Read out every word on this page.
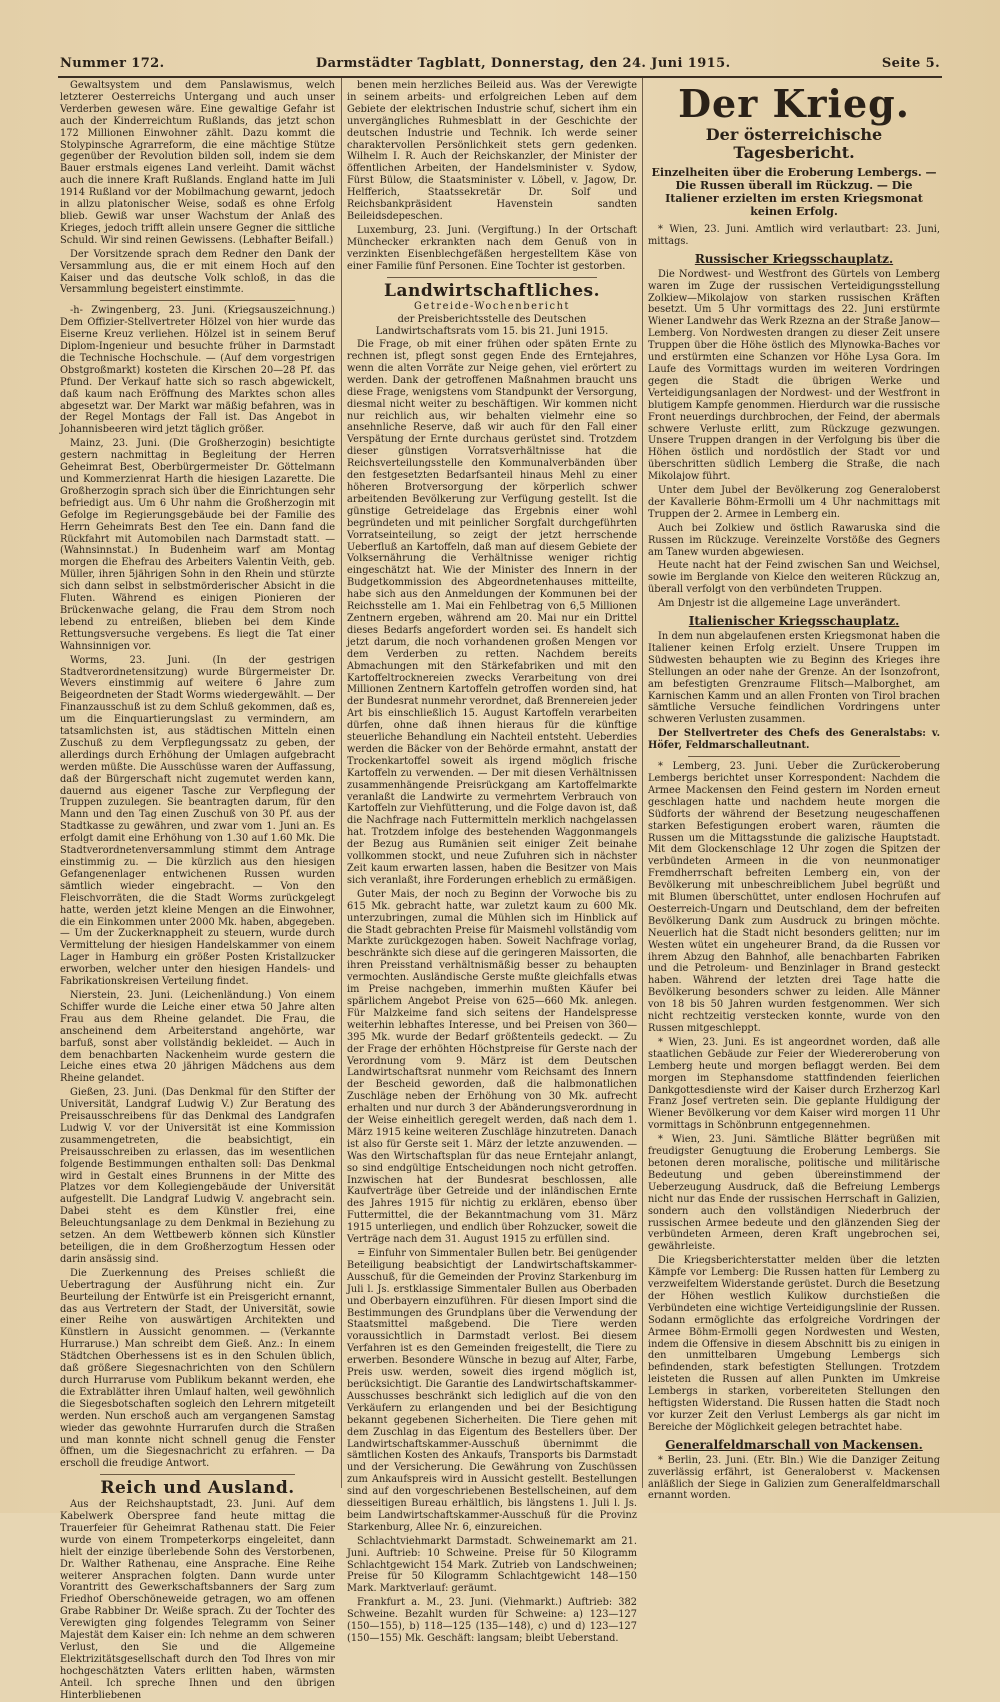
Nummer 172.	Darmstädter Tagblatt, Donnerstag, den 24. Juni 1915.	Seite 5.

Gewaltsystem und dem Panslawismus, welch letzterer Oesterreichs Untergang und auch unser Verderben gewesen wäre. Eine gewaltige Gefahr ist auch der Kinderreichtum Rußlands, das jetzt schon 172 Millionen Einwohner zählt. Dazu kommt die Stolypinsche Agrarreform, die eine mächtige Stütze gegenüber der Revolution bilden soll, indem sie dem Bauer erstmals eigenes Land verleiht. Damit wächst auch die innere Kraft Rußlands. England hatte im Juli 1914 Rußland vor der Mobilmachung gewarnt, jedoch in allzu platonischer Weise, sodaß es ohne Erfolg blieb. Gewiß war unser Wachstum der Anlaß des Krieges, jedoch trifft allein unsere Gegner die sittliche Schuld. Wir sind reinen Gewissens. (Lebhafter Beifall.)

Der Vorsitzende sprach dem Redner den Dank der Versammlung aus, die er mit einem Hoch auf den Kaiser und das deutsche Volk schloß, in das die Versammlung begeistert einstimmte.

-h- Zwingenberg, 23. Juni. (Kriegsauszeichnung.) Dem Offizier-Stellvertreter Hölzel von hier wurde das Eiserne Kreuz verliehen. Hölzel ist in seinem Beruf Diplom-Ingenieur und besuchte früher in Darmstadt die Technische Hochschule. — (Auf dem vorgestrigen Obstgroßmarkt) kosteten die Kirschen 20—28 Pf. das Pfund. Der Verkauf hatte sich so rasch abgewickelt, daß kaum nach Eröffnung des Marktes schon alles abgesetzt war. Der Markt war mäßig befahren, was in der Regel Montags der Fall ist. Das Angebot in Johannisbeeren wird jetzt täglich größer.

Mainz, 23. Juni. (Die Großherzogin) besichtigte gestern nachmittag in Begleitung der Herren Geheimrat Best, Oberbürgermeister Dr. Göttelmann und Kommerzienrat Harth die hiesigen Lazarette. Die Großherzogin sprach sich über die Einrichtungen sehr befriedigt aus. Um 6 Uhr nahm die Großherzogin mit Gefolge im Regierungsgebäude bei der Familie des Herrn Geheimrats Best den Tee ein. Dann fand die Rückfahrt mit Automobilen nach Darmstadt statt. — (Wahnsinnstat.) In Budenheim warf am Montag morgen die Ehefrau des Arbeiters Valentin Veith, geb. Müller, ihren 5jährigen Sohn in den Rhein und stürzte sich dann selbst in selbstmörderischer Absicht in die Fluten. Während es einigen Pionieren der Brückenwache gelang, die Frau dem Strom noch lebend zu entreißen, blieben bei dem Kinde Rettungsversuche vergebens. Es liegt die Tat einer Wahnsinnigen vor.

Worms, 23. Juni. (In der gestrigen Stadtverordnetensitzung) wurde Bürgermeister Dr. Wevers einstimmig auf weitere 6 Jahre zum Beigeordneten der Stadt Worms wiedergewählt. — Der Finanzausschuß ist zu dem Schluß gekommen, daß es, um die Einquartierungslast zu vermindern, am tatsamlichsten ist, aus städtischen Mitteln einen Zuschuß zu dem Verpflegungssatz zu geben, der allerdings durch Erhöhung der Umlagen aufgebracht werden müßte. Die Ausschüsse waren der Auffassung, daß der Bürgerschaft nicht zugemutet werden kann, dauernd aus eigener Tasche zur Verpflegung der Truppen zuzulegen. Sie beantragten darum, für den Mann und den Tag einen Zuschuß von 30 Pf. aus der Stadtkasse zu gewähren, und zwar vom 1. Juni an. Es erfolgt damit eine Erhöhung von 1.30 auf 1.60 Mk. Die Stadtverordnetenversammlung stimmt dem Antrage einstimmig zu. — Die kürzlich aus den hiesigen Gefangenenlager entwichenen Russen wurden sämtlich wieder eingebracht. — Von den Fleischvorräten, die die Stadt Worms zurückgelegt hatte, werden jetzt kleine Mengen an die Einwohner, die ein Einkommen unter 2000 Mk. haben, abgegeben. — Um der Zuckerknappheit zu steuern, wurde durch Vermittelung der hiesigen Handelskammer von einem Lager in Hamburg ein größer Posten Kristallzucker erworben, welcher unter den hiesigen Handels- und Fabrikationskreisen Verteilung findet.

Nierstein, 23. Juni. (Leichenländung.) Von einem Schiffer wurde die Leiche einer etwa 50 Jahre alten Frau aus dem Rheine gelandet. Die Frau, die anscheinend dem Arbeiterstand angehörte, war barfuß, sonst aber vollständig bekleidet. — Auch in dem benachbarten Nackenheim wurde gestern die Leiche eines etwa 20 jährigen Mädchens aus dem Rheine gelandet.

Gießen, 23. Juni. (Das Denkmal für den Stifter der Universität, Landgraf Ludwig V.) Zur Beratung des Preisausschreibens für das Denkmal des Landgrafen Ludwig V. vor der Universität ist eine Kommission zusammengetreten, die beabsichtigt, ein Preisausschreiben zu erlassen, das im wesentlichen folgende Bestimmungen enthalten soll: Das Denkmal wird in Gestalt eines Brunnens in der Mitte des Platzes vor dem Kollegiengebäude der Universität aufgestellt. Die Landgraf Ludwig V. angebracht sein. Dabei steht es dem Künstler frei, eine Beleuchtungsanlage zu dem Denkmal in Beziehung zu setzen. An dem Wettbewerb können sich Künstler beteiligen, die in dem Großherzogtum Hessen oder darin ansässig sind.

Die Zuerkennung des Preises schließt die Uebertragung der Ausführung nicht ein. Zur Beurteilung der Entwürfe ist ein Preisgericht ernannt, das aus Vertretern der Stadt, der Universität, sowie einer Reihe von auswärtigen Architekten und Künstlern in Aussicht genommen. — (Verkannte Hurraruse.) Man schreibt dem Gieß. Anz.: In einem Städtchen Oberhessens ist es in den Schulen üblich, daß größere Siegesnachrichten von den Schülern durch Hurraruse vom Publikum bekannt werden, ehe die Extrablätter ihren Umlauf halten, weil gewöhnlich die Siegesbotschaften sogleich den Lehrern mitgeteilt werden. Nun erschoß auch am vergangenen Samstag wieder das gewohnte Hurrarufen durch die Straßen und man konnte nicht schnell genug die Fenster öffnen, um die Siegesnachricht zu erfahren. — Da erscholl die freudige Antwort.

Reich und Ausland.

Aus der Reichshauptstadt, 23. Juni. Auf dem Kabelwerk Oberspree fand heute mittag die Trauerfeier für Geheimrat Rathenau statt. Die Feier wurde von einem Trompeterkorps eingeleitet, dann hielt der einzige überlebende Sohn des Verstorbenen, Dr. Walther Rathenau, eine Ansprache. Eine Reihe weiterer Ansprachen folgten. Dann wurde unter Vorantritt des Gewerkschaftsbanners der Sarg zum Friedhof Oberschöneweide getragen, wo am offenen Grabe Rabbiner Dr. Weiße sprach. Zu der Tochter des Verewigten ging folgendes Telegramm von Seiner Majestät dem Kaiser ein: Ich nehme an dem schweren Verlust, den Sie und die Allgemeine Elektrizitätsgesellschaft durch den Tod Ihres von mir hochgeschätzten Vaters erlitten haben, wärmsten Anteil. Ich spreche Ihnen und den übrigen Hinterbliebenen

benen mein herzliches Beileid aus. Was der Verewigte in seinem arbeits- und erfolgreichen Leben auf dem Gebiete der elektrischen Industrie schuf, sichert ihm ein unvergängliches Ruhmesblatt in der Geschichte der deutschen Industrie und Technik. Ich werde seiner charaktervollen Persönlichkeit stets gern gedenken. Wilhelm I. R. Auch der Reichskanzler, der Minister der öffentlichen Arbeiten, der Handelsminister v. Sydow, Fürst Bülow, die Staatsminister v. Löbell, v. Jagow, Dr. Helfferich, Staatssekretär Dr. Solf und Reichsbankpräsident Havenstein sandten Beileidsdepeschen.

Luxemburg, 23. Juni. (Vergiftung.) In der Ortschaft Münchecker erkrankten nach dem Genuß von in verzinkten Eisenblechgefäßen hergestelltem Käse von einer Familie fünf Personen. Eine Tochter ist gestorben.

Landwirtschaftliches.
Getreide-Wochenbericht
der Preisberichtsstelle des Deutschen Landwirtschaftsrats vom 15. bis 21. Juni 1915.

Die Frage, ob mit einer frühen oder späten Ernte zu rechnen ist, pflegt sonst gegen Ende des Erntejahres, wenn die alten Vorräte zur Neige gehen, viel erörtert zu werden. Dank der getroffenen Maßnahmen braucht uns diese Frage, wenigstens vom Standpunkt der Versorgung, diesmal nicht weiter zu beschäftigen. Wir kommen nicht nur reichlich aus, wir behalten vielmehr eine so ansehnliche Reserve, daß wir auch für den Fall einer Verspätung der Ernte durchaus gerüstet sind. Trotzdem dieser günstigen Vorratsverhältnisse hat die Reichsverteilungsstelle den Kommunalverbänden über den festgesetzten Bedarfsanteil hinaus Mehl zu einer höheren Brotversorgung der körperlich schwer arbeitenden Bevölkerung zur Verfügung gestellt. Ist die günstige Getreidelage das Ergebnis einer wohl begründeten und mit peinlicher Sorgfalt durchgeführten Vorratseinteilung, so zeigt der jetzt herrschende Ueberfluß an Kartoffeln, daß man auf diesem Gebiete der Volksernährung die Verhältnisse weniger richtig eingeschätzt hat. Wie der Minister des Innern in der Budgetkommission des Abgeordnetenhauses mitteilte, habe sich aus den Anmeldungen der Kommunen bei der Reichsstelle am 1. Mai ein Fehlbetrag von 6,5 Millionen Zentnern ergeben, während am 20. Mai nur ein Drittel dieses Bedarfs angefordert worden sei. Es handelt sich jetzt darum, die noch vorhandenen großen Mengen vor dem Verderben zu retten. Nachdem bereits Abmachungen mit den Stärkefabriken und mit den Kartoffeltrocknereien zwecks Verarbeitung von drei Millionen Zentnern Kartoffeln getroffen worden sind, hat der Bundesrat nunmehr verordnet, daß Brennereien jeder Art bis einschließlich 15. August Kartoffeln verarbeiten dürfen, ohne daß ihnen hieraus für die künftige steuerliche Behandlung ein Nachteil entsteht. Ueberdies werden die Bäcker von der Behörde ermahnt, anstatt der Trockenkartoffel soweit als irgend möglich frische Kartoffeln zu verwenden. — Der mit diesen Verhältnissen zusammenhängende Preisrückgang am Kartoffelmarkte veranlaßt die Landwirte zu vermehrtem Verbrauch von Kartoffeln zur Viehfütterung, und die Folge davon ist, daß die Nachfrage nach Futtermitteln merklich nachgelassen hat. Trotzdem infolge des bestehenden Waggonmangels der Bezug aus Rumänien seit einiger Zeit beinahe vollkommen stockt, und neue Zufuhren sich in nächster Zeit kaum erwarten lassen, haben die Besitzer von Mais sich veranlaßt, ihre Forderungen erheblich zu ermäßigen.

Guter Mais, der noch zu Beginn der Vorwoche bis zu 615 Mk. gebracht hatte, war zuletzt kaum zu 600 Mk. unterzubringen, zumal die Mühlen sich im Hinblick auf die Stadt gebrachten Preise für Maismehl vollständig vom Markte zurückgezogen haben. Soweit Nachfrage vorlag, beschränkte sich diese auf die geringeren Maissorten, die ihren Preisstand verhältnismäßig besser zu behaupten vermochten. Ausländische Gerste mußte gleichfalls etwas im Preise nachgeben, immerhin mußten Käufer bei spärlichem Angebot Preise von 625—660 Mk. anlegen. Für Malzkeime fand sich seitens der Handelspresse weiterhin lebhaftes Interesse, und bei Preisen von 360—395 Mk. wurde der Bedarf größtenteils gedeckt. — Zu der Frage der erhöhten Höchstpreise für Gerste nach der Verordnung vom 9. März ist dem Deutschen Landwirtschaftsrat nunmehr vom Reichsamt des Innern der Bescheid geworden, daß die halbmonatlichen Zuschläge neben der Erhöhung von 30 Mk. aufrecht erhalten und nur durch 3 der Abänderungsverordnung in der Weise einheitlich geregelt werden, daß nach dem 1. März 1915 keine weiteren Zuschläge hinzutreten. Danach ist also für Gerste seit 1. März der letzte anzuwenden. — Was den Wirtschaftsplan für das neue Erntejahr anlangt, so sind endgültige Entscheidungen noch nicht getroffen. Inzwischen hat der Bundesrat beschlossen, alle Kaufverträge über Getreide und der inländischen Ernte des Jahres 1915 für nichtig zu erklären, ebenso über Futtermittel, die der Bekanntmachung vom 31. März 1915 unterliegen, und endlich über Rohzucker, soweit die Verträge nach dem 31. August 1915 zu erfüllen sind.

= Einfuhr von Simmentaler Bullen betr. Bei genügender Beteiligung beabsichtigt der Landwirtschaftskammer-Ausschuß, für die Gemeinden der Provinz Starkenburg im Juli l. Js. erstklassige Simmentaler Bullen aus Oberbaden und Oberbayern einzuführen. Für diesen Import sind die Bestimmungen des Grundplans über die Verwendung der Staatsmittel maßgebend. Die Tiere werden voraussichtlich in Darmstadt verlost. Bei diesem Verfahren ist es den Gemeinden freigestellt, die Tiere zu erwerben. Besondere Wünsche in bezug auf Alter, Farbe, Preis usw. werden, soweit dies irgend möglich ist, berücksichtigt. Die Garantie des Landwirtschaftskammer-Ausschusses beschränkt sich lediglich auf die von den Verkäufern zu erlangenden und bei der Besichtigung bekannt gegebenen Sicherheiten. Die Tiere gehen mit dem Zuschlag in das Eigentum des Bestellers über. Der Landwirtschaftskammer-Ausschuß übernimmt die sämtlichen Kosten des Ankaufs, Transports bis Darmstadt und der Versicherung. Die Gewährung von Zuschüssen zum Ankaufspreis wird in Aussicht gestellt. Bestellungen sind auf den vorgeschriebenen Bestellscheinen, auf dem diesseitigen Bureau erhältlich, bis längstens 1. Juli l. Js. beim Landwirtschaftskammer-Ausschuß für die Provinz Starkenburg, Allee Nr. 6, einzureichen.

Schlachtviehmarkt Darmstadt. Schweinemarkt am 21. Juni. Auftrieb: 10 Schweine. Preise für 50 Kilogramm Schlachtgewicht 154 Mark. Zutrieb von Landschweinen; Preise für 50 Kilogramm Schlachtgewicht 148—150 Mark. Marktverlauf: geräumt.

Frankfurt a. M., 23. Juni. (Viehmarkt.) Auftrieb: 382 Schweine. Bezahlt wurden für Schweine: a) 123—127 (150—155), b) 118—125 (135—148), c) und d) 123—127 (150—155) Mk. Geschäft: langsam; bleibt Ueberstand.

Der Krieg.
Der österreichische Tagesbericht.
Einzelheiten über die Eroberung Lembergs. — Die Russen überall im Rückzug. — Die Italiener erzielten im ersten Kriegsmonat keinen Erfolg.

* Wien, 23. Juni. Amtlich wird verlautbart: 23. Juni, mittags.

Russischer Kriegsschauplatz.

Die Nordwest- und Westfront des Gürtels von Lemberg waren im Zuge der russischen Verteidigungsstellung Zolkiew—Mikolajow von starken russischen Kräften besetzt. Um 5 Uhr vormittags des 22. Juni erstürmte Wiener Landwehr das Werk Rzezna an der Straße Janow—Lemberg. Von Nordwesten drangen zu dieser Zeit unsere Truppen über die Höhe östlich des Mlynowka-Baches vor und erstürmten eine Schanzen vor Höhe Lysa Gora. Im Laufe des Vormittags wurden im weiteren Vordringen gegen die Stadt die übrigen Werke und Verteidigungsanlagen der Nordwest- und der Westfront in blutigem Kampfe genommen. Hierdurch war die russische Front neuerdings durchbrochen, der Feind, der abermals schwere Verluste erlitt, zum Rückzuge gezwungen. Unsere Truppen drangen in der Verfolgung bis über die Höhen östlich und nordöstlich der Stadt vor und überschritten südlich Lemberg die Straße, die nach Mikolajow führt.

Unter dem Jubel der Bevölkerung zog Generaloberst der Kavallerie Böhm-Ermolli um 4 Uhr nachmittags mit Truppen der 2. Armee in Lemberg ein.

Auch bei Zolkiew und östlich Rawaruska sind die Russen im Rückzuge. Vereinzelte Vorstöße des Gegners am Tanew wurden abgewiesen.

Heute nacht hat der Feind zwischen San und Weichsel, sowie im Berglande von Kielce den weiteren Rückzug an, überall verfolgt von den verbündeten Truppen.

Am Dnjestr ist die allgemeine Lage unverändert.

Italienischer Kriegsschauplatz.

In dem nun abgelaufenen ersten Kriegsmonat haben die Italiener keinen Erfolg erzielt. Unsere Truppen im Südwesten behaupten wie zu Beginn des Krieges ihre Stellungen an oder nahe der Grenze. An der Isonzofront, am befestigten Grenzraume Flitsch—Malborghet, am Karnischen Kamm und an allen Fronten von Tirol brachen sämtliche Versuche feindlichen Vordringens unter schweren Verlusten zusammen.

Der Stellvertreter des Chefs des Generalstabs: v. Höfer, Feldmarschalleutnant.

* Lemberg, 23. Juni. Ueber die Zurückeroberung Lembergs berichtet unser Korrespondent: Nachdem die Armee Mackensen den Feind gestern im Norden erneut geschlagen hatte und nachdem heute morgen die Südforts der während der Besetzung neugeschaffenen starken Befestigungen erobert waren, räumten die Russen um die Mittagsstunde die galizische Hauptstadt. Mit dem Glockenschlage 12 Uhr zogen die Spitzen der verbündeten Armeen in die von neunmonatiger Fremdherrschaft befreiten Lemberg ein, von der Bevölkerung mit unbeschreiblichem Jubel begrüßt und mit Blumen überschüttet, unter endlosen Hochrufen auf Oesterreich-Ungarn und Deutschland, dem der befreiten Bevölkerung Dank zum Ausdruck zu bringen möchte. Neuerlich hat die Stadt nicht besonders gelitten; nur im Westen wütet ein ungeheurer Brand, da die Russen vor ihrem Abzug den Bahnhof, alle benachbarten Fabriken und die Petroleum- und Benzinlager in Brand gesteckt haben. Während der letzten drei Tage hatte die Bevölkerung besonders schwer zu leiden. Alle Männer von 18 bis 50 Jahren wurden festgenommen. Wer sich nicht rechtzeitig verstecken konnte, wurde von den Russen mitgeschleppt.

* Wien, 23. Juni. Es ist angeordnet worden, daß alle staatlichen Gebäude zur Feier der Wiedereroberung von Lemberg heute und morgen beflaggt werden. Bei dem morgen im Stephansdome stattfindenden feierlichen Dankgottesdienste wird der Kaiser durch Erzherzog Karl Franz Josef vertreten sein. Die geplante Huldigung der Wiener Bevölkerung vor dem Kaiser wird morgen 11 Uhr vormittags in Schönbrunn entgegennehmen.

* Wien, 23. Juni. Sämtliche Blätter begrüßen mit freudigster Genugtuung die Eroberung Lembergs. Sie betonen deren moralische, politische und militärische Bedeutung und geben übereinstimmend der Ueberzeugung Ausdruck, daß die Befreiung Lembergs nicht nur das Ende der russischen Herrschaft in Galizien, sondern auch den vollständigen Niederbruch der russischen Armee bedeute und den glänzenden Sieg der verbündeten Armeen, deren Kraft ungebrochen sei, gewährleiste.

Die Kriegsberichterstatter melden über die letzten Kämpfe vor Lemberg: Die Russen hatten für Lemberg zu verzweifeltem Widerstande gerüstet. Durch die Besetzung der Höhen westlich Kulikow durchstießen die Verbündeten eine wichtige Verteidigungslinie der Russen. Sodann ermöglichte das erfolgreiche Vordringen der Armee Böhm-Ermolli gegen Nordwesten und Westen, indem die Offensive in diesem Abschnitt bis zu einigen in den unmittelbaren Umgebung Lembergs sich befindenden, stark befestigten Stellungen. Trotzdem leisteten die Russen auf allen Punkten im Umkreise Lembergs in starken, vorbereiteten Stellungen den heftigsten Widerstand. Die Russen hatten die Stadt noch vor kurzer Zeit den Verlust Lembergs als gar nicht im Bereiche der Möglichkeit gelegen betrachtet habe.

Generalfeldmarschall von Mackensen.

* Berlin, 23. Juni. (Etr. Bln.) Wie die Danziger Zeitung zuverlässig erfährt, ist Generaloberst v. Mackensen anläßlich der Siege in Galizien zum Generalfeldmarschall ernannt worden.
